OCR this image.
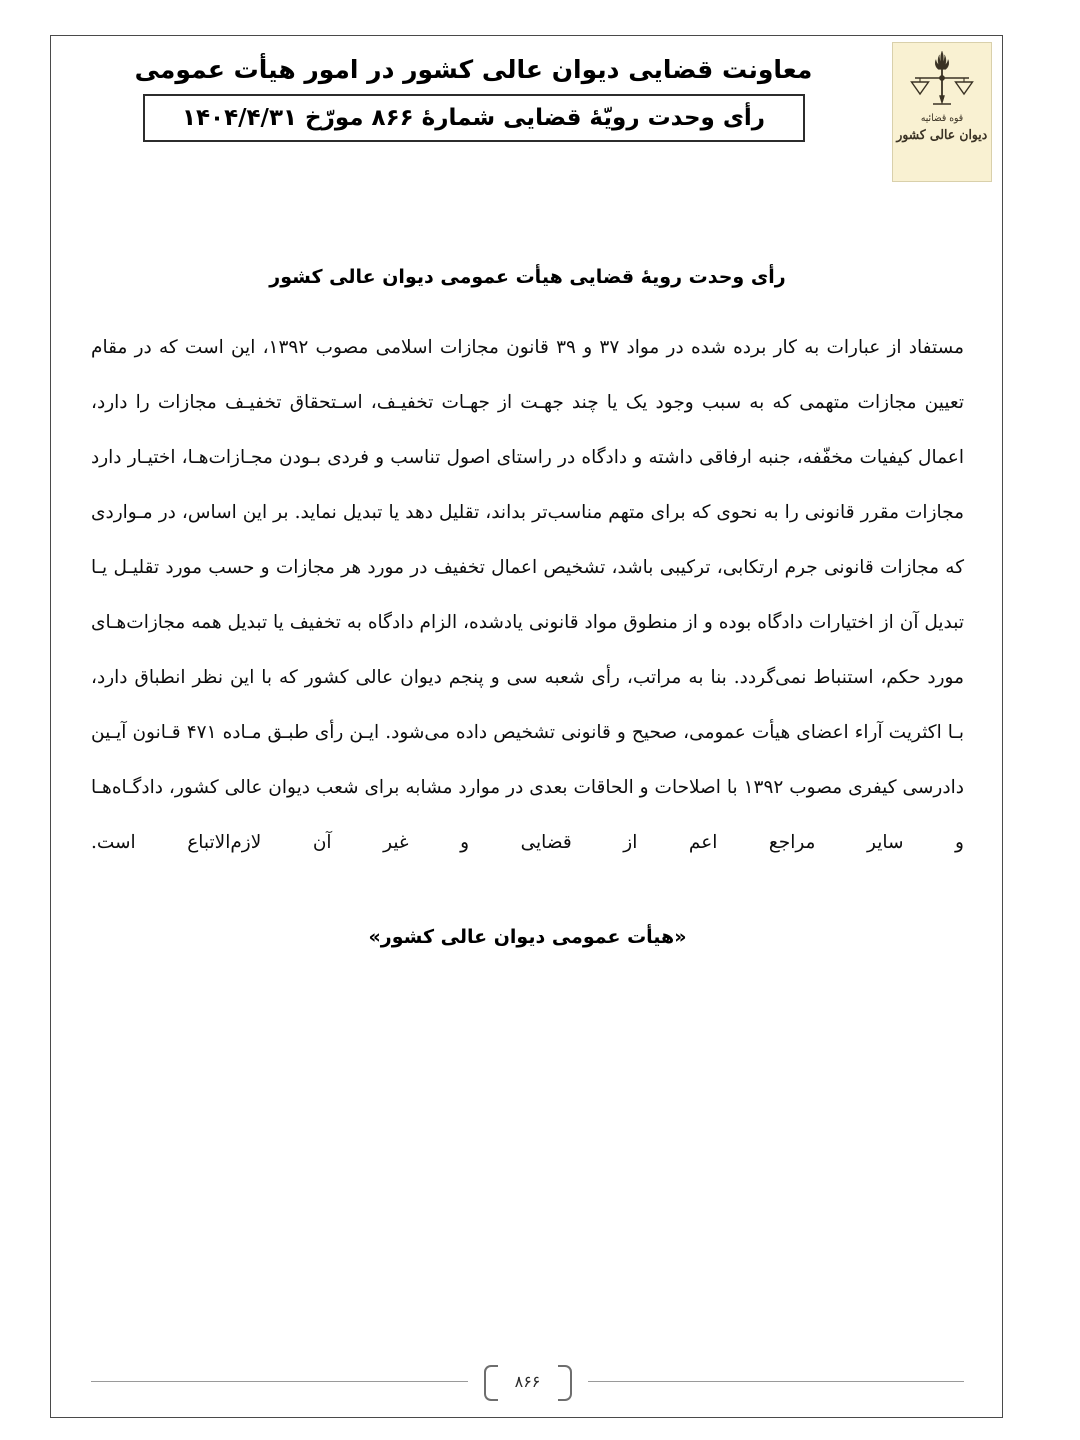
قوه قضائیه
دیوان عالی کشور
معاونت قضایی دیوان عالی کشور در امور هیأت عمومی
رأی وحدت رویّۀ قضایی شمارۀ ۸۶۶ مورّخ ۱۴۰۴/۴/۳۱
رأی وحدت رویۀ قضایی هیأت عمومی دیوان عالی کشور

مستفاد از عبارات به کار برده شده در مواد ۳۷ و ۳۹ قانون مجازات اسلامی مصوب ۱۳۹۲، این است که در مقام تعیین مجازات متهمی که به سبب وجود یک یا چند جهـت از جهـات تخفیـف، اسـتحقاق تخفیـف مجازات را دارد، اعمال کیفیات مخفّفه، جنبه ارفاقی داشته و دادگاه در راستای اصول تناسب و فردی بـودن مجـازات‌هـا، اختیـار دارد مجازات مقرر قانونی را به نحوی که برای متهم مناسب‌تر بداند، تقلیل دهد یا تبدیل نماید. بر این اساس، در مـواردی که مجازات قانونی جرم ارتکابی، ترکیبی باشد، تشخیص اعمال تخفیف در مورد هر مجازات و حسب مورد تقلیـل یـا تبدیل آن از اختیارات دادگاه بوده و از منطوق مواد قانونی یادشده، الزام دادگاه به تخفیف یا تبدیل همه مجازات‌هـای مورد حکم، استنباط نمی‌گردد. بنا به مراتب، رأی شعبه سی و پنجم دیوان عالی کشور که با این نظر انطباق دارد، بـا اکثریت آراء اعضای هیأت عمومی، صحیح و قانونی تشخیص داده می‌شود. ایـن رأی طبـق مـاده ۴۷۱ قـانون آیـین دادرسی کیفری مصوب ۱۳۹۲ با اصلاحات و الحاقات بعدی در موارد مشابه برای شعب دیوان عالی کشور، دادگـاه‌هـا و سایر مراجع اعم از قضایی و غیر آن لازم‌الاتباع است.

«هیأت عمومی دیوان عالی کشور»
۸۶۶
